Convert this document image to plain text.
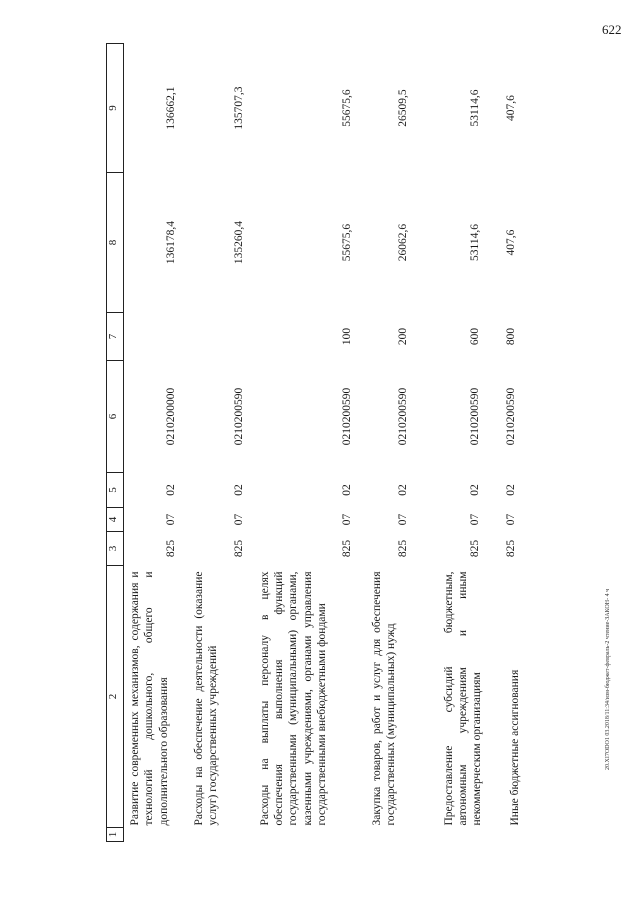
622
20.XI7ODO1 03.2018/11:34/изм-бюджет-февраль-2 чтение-ЗАКОН- 4 ч
1	2	3	4	5	6	7	8	9
	Развитие современных механизмов, содержания и технологий дошкольного, общего и дополнительного образования	825	07	02	0210200000		136178,4	136662,1
	Расходы на обеспечение деятельности (оказание услуг) государственных учреждений	825	07	02	0210200590		135260,4	135707,3
	Расходы на выплаты персоналу в целях обеспечения выполнения функций государственными (муниципальными) органами, казенными учреждениями, органами управления государственными внебюджетными фондами	825	07	02	0210200590	100	55675,6	55675,6
	Закупка товаров, работ и услуг для обеспечения государственных (муниципальных) нужд	825	07	02	0210200590	200	26062,6	26509,5
	Предоставление субсидий бюджетным, автономным учреждениям и иным некоммерческим организациям	825	07	02	0210200590	600	53114,6	53114,6
	Иные бюджетные ассигнования	825	07	02	0210200590	800	407,6	407,6
